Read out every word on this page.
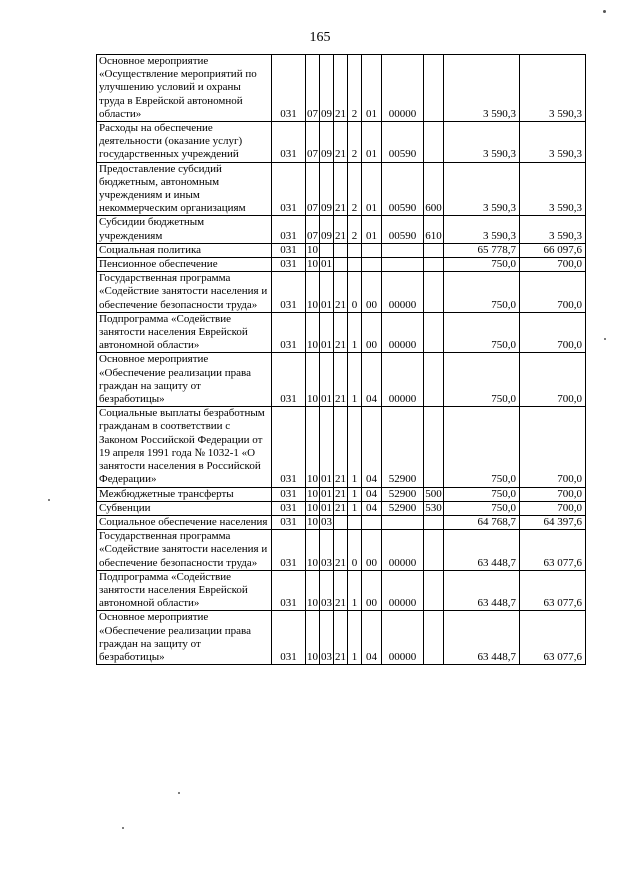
165
Основное мероприятие «Осуществление мероприятий по улучшению условий и охраны труда в Еврейской автономной области»	031	07	09	21	2	01	00000		3 590,3	3 590,3
Расходы на обеспечение деятельности (оказание услуг) государственных учреждений	031	07	09	21	2	01	00590		3 590,3	3 590,3
Предоставление субсидий бюджетным, автономным учреждениям и иным некоммерческим организациям	031	07	09	21	2	01	00590	600	3 590,3	3 590,3
Субсидии бюджетным учреждениям	031	07	09	21	2	01	00590	610	3 590,3	3 590,3
Социальная политика	031	10							65 778,7	66 097,6
Пенсионное обеспечение	031	10	01						750,0	700,0
Государственная программа «Содействие занятости населения и обеспечение безопасности труда»	031	10	01	21	0	00	00000		750,0	700,0
Подпрограмма «Содействие занятости населения Еврейской автономной области»	031	10	01	21	1	00	00000		750,0	700,0
Основное мероприятие «Обеспечение реализации права граждан на защиту от безработицы»	031	10	01	21	1	04	00000		750,0	700,0
Социальные выплаты безработным гражданам в соответствии с Законом Российской Федерации от 19 апреля 1991 года № 1032-1 «О занятости населения в Российской Федерации»	031	10	01	21	1	04	52900		750,0	700,0
Межбюджетные трансферты	031	10	01	21	1	04	52900	500	750,0	700,0
Субвенции	031	10	01	21	1	04	52900	530	750,0	700,0
Социальное обеспечение населения	031	10	03						64 768,7	64 397,6
Государственная программа «Содействие занятости населения и обеспечение безопасности труда»	031	10	03	21	0	00	00000		63 448,7	63 077,6
Подпрограмма «Содействие занятости населения Еврейской автономной области»	031	10	03	21	1	00	00000		63 448,7	63 077,6
Основное мероприятие «Обеспечение реализации права граждан на защиту от безработицы»	031	10	03	21	1	04	00000		63 448,7	63 077,6
